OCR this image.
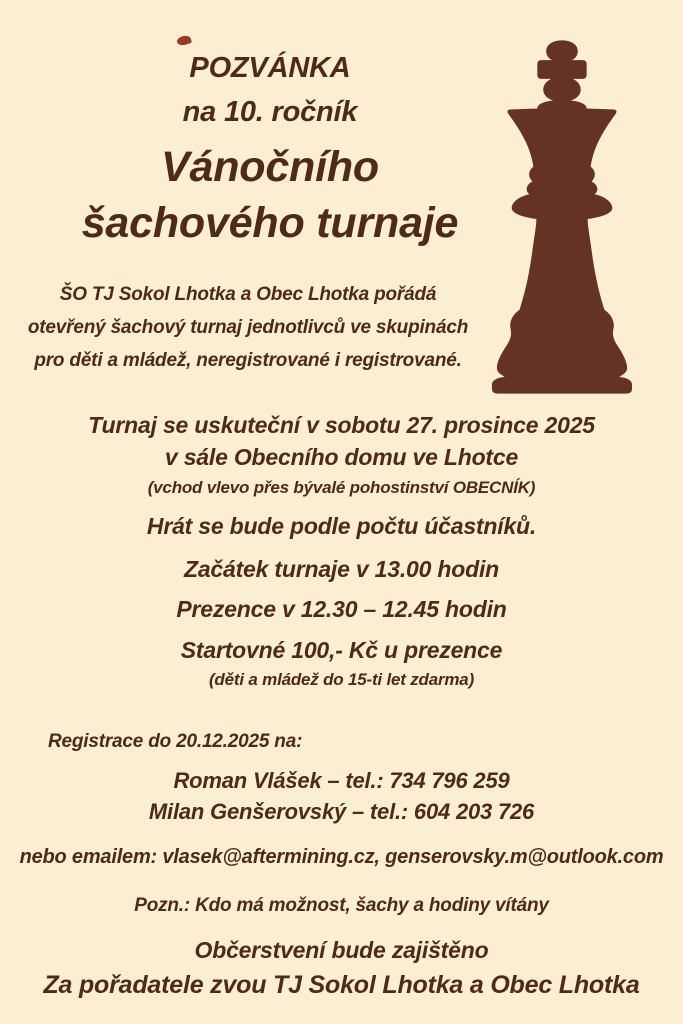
POZVÁNKA
na 10. ročník
Vánočního
šachového turnaje
ŠO TJ Sokol Lhotka a Obec Lhotka pořádá
otevřený šachový turnaj jednotlivců ve skupinách
pro děti a mládež, neregistrované i registrované.
Turnaj se uskuteční v sobotu 27. prosince 2025
v sále Obecního domu ve Lhotce
(vchod vlevo přes bývalé pohostinství OBECNÍK)
Hrát se bude podle počtu účastníků.
Začátek turnaje v 13.00 hodin
Prezence v 12.30 – 12.45 hodin
Startovné 100,- Kč u prezence
(děti a mládež do 15-ti let zdarma)
Registrace do 20.12.2025 na:
Roman Vlášek – tel.: 734 796 259
Milan Genšerovský – tel.: 604 203 726
nebo emailem: vlasek@aftermining.cz, genserovsky.m@outlook.com
Pozn.: Kdo má možnost, šachy a hodiny vítány
Občerstvení bude zajištěno
Za pořadatele zvou TJ Sokol Lhotka a Obec Lhotka
